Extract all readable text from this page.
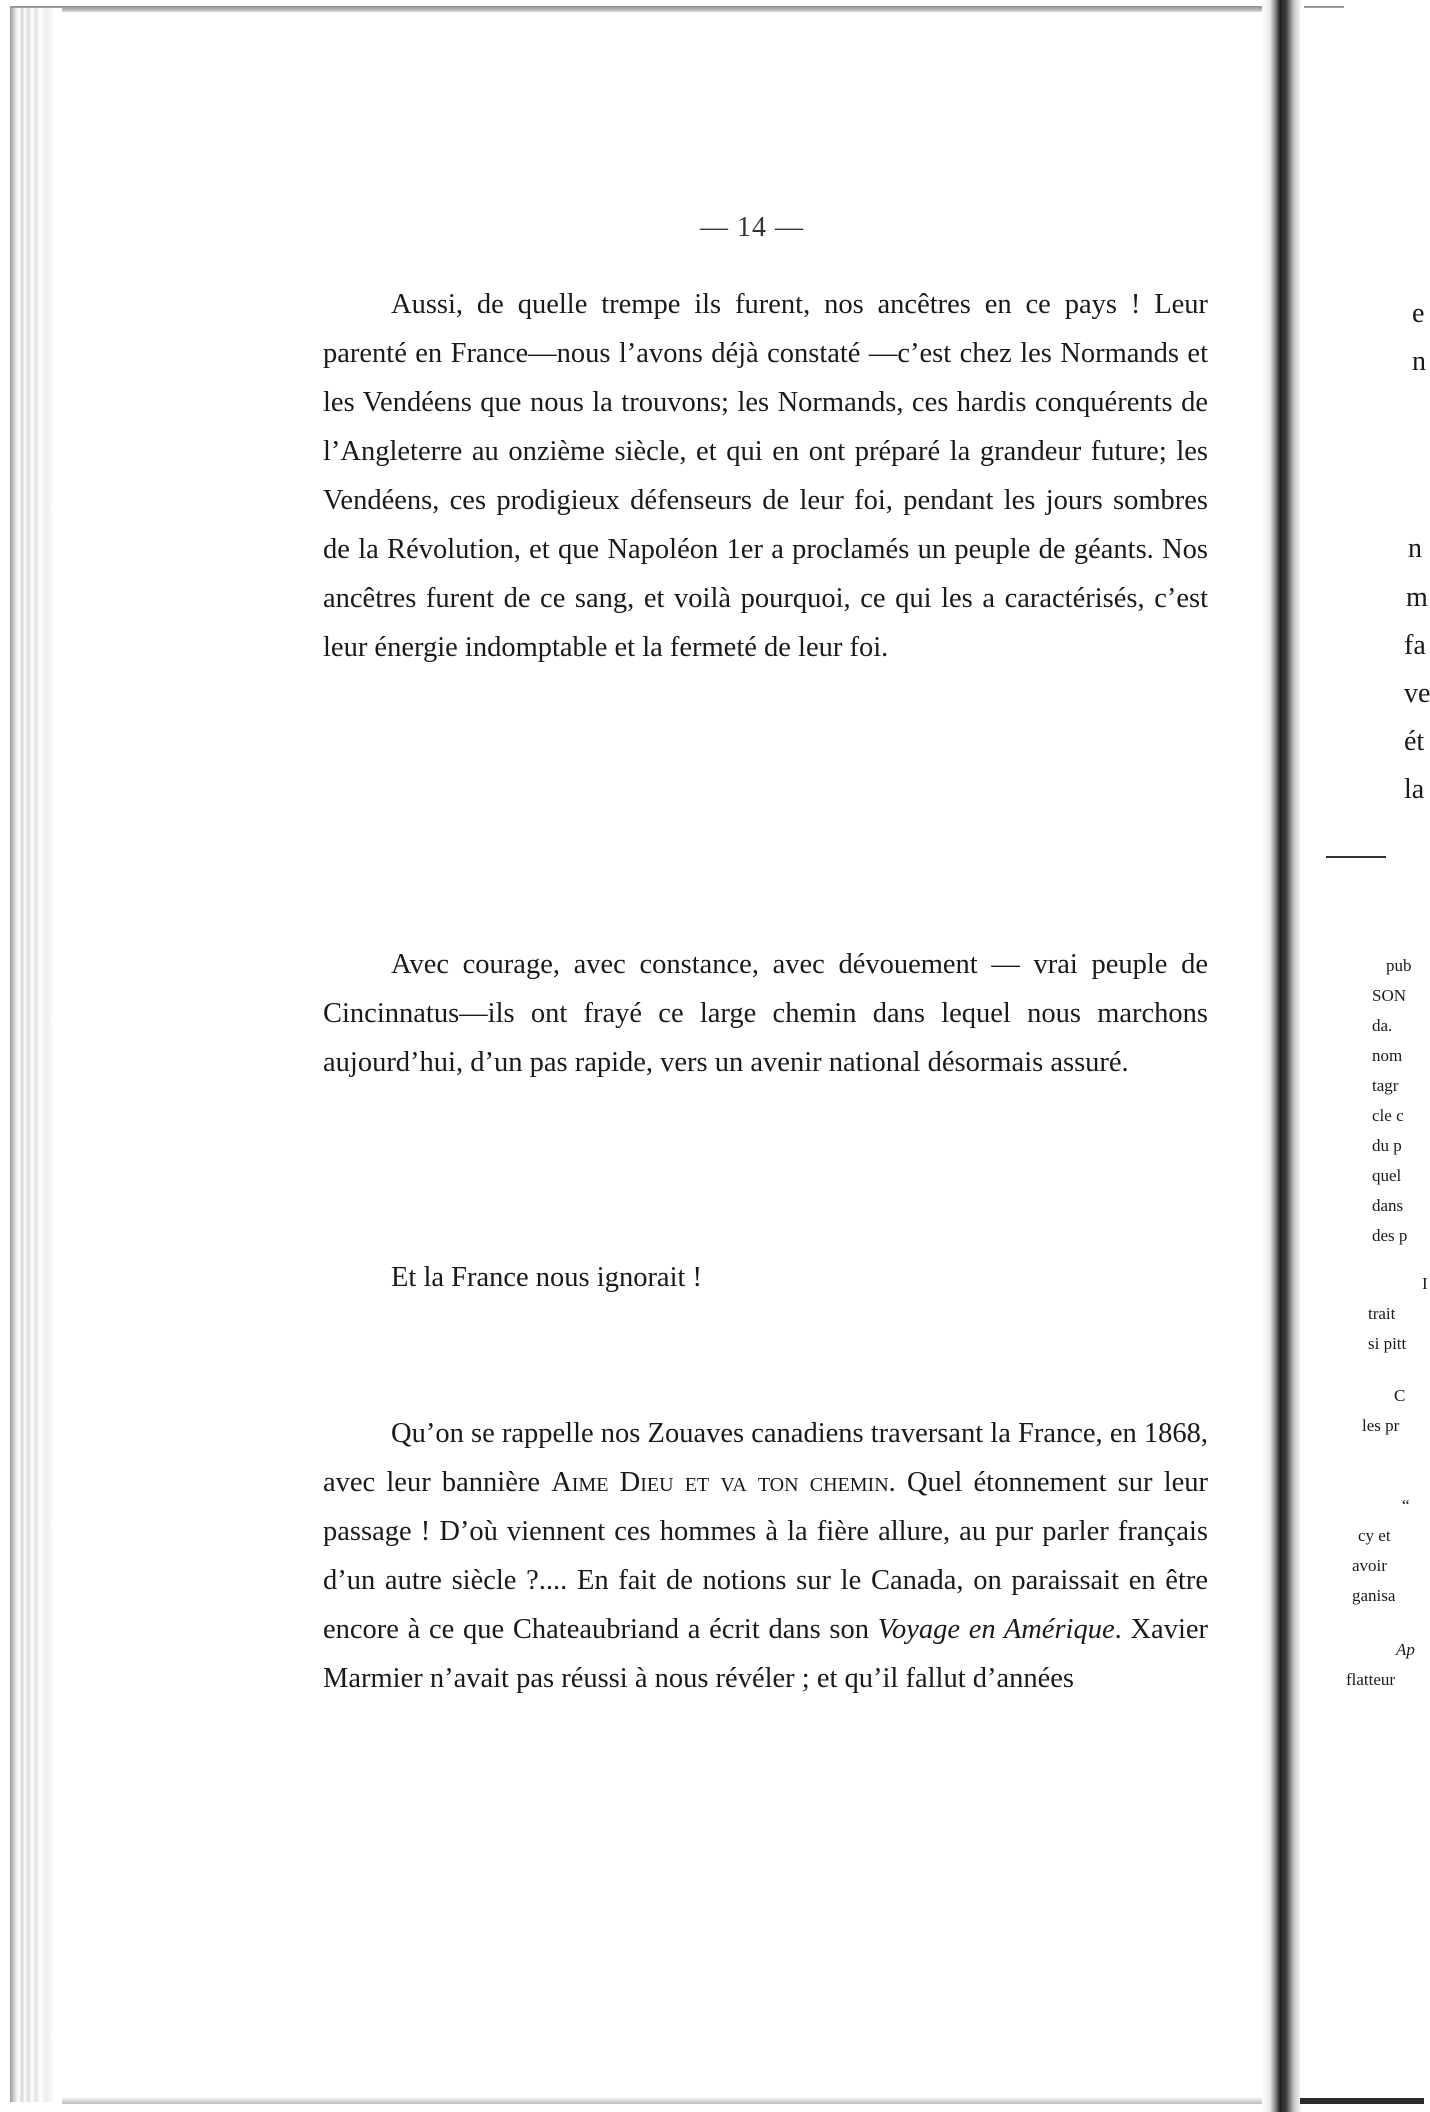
— 14 —

Aussi, de quelle trempe ils furent, nos ancêtres en ce pays ! Leur parenté en France—nous l’avons déjà constaté —c’est chez les Normands et les Vendéens que nous la trouvons; les Normands, ces hardis conquérents de l’Angleterre au onzième siècle, et qui en ont préparé la grandeur future; les Vendéens, ces prodigieux défenseurs de leur foi, pendant les jours sombres de la Révolution, et que Napoléon 1er a proclamés un peuple de géants. Nos ancêtres furent de ce sang, et voilà pourquoi, ce qui les a caractérisés, c’est leur énergie indomptable et la fermeté de leur foi.

Avec courage, avec constance, avec dévouement — vrai peuple de Cincinnatus—ils ont frayé ce large chemin dans lequel nous marchons aujourd’hui, d’un pas rapide, vers un avenir national désormais assuré.

Et la France nous ignorait !

Qu’on se rappelle nos Zouaves canadiens traversant la France, en 1868, avec leur bannière Aime Dieu et va ton chemin. Quel étonnement sur leur passage ! D’où viennent ces hommes à la fière allure, au pur parler français d’un autre siècle ?.... En fait de notions sur le Canada, on paraissait en être encore à ce que Chateaubriand a écrit dans son Voyage en Amérique. Xavier Marmier n’avait pas réussi à nous révéler ; et qu’il fallut d’années

e
n
n
m
fa
ve
ét
la
pub
SON
da.
nom
tagr
cle c
du p
quel
dans
des p
I
trait
si pitt
C
les pr
“
cy et
avoir
ganisa
Ap
flatteur
